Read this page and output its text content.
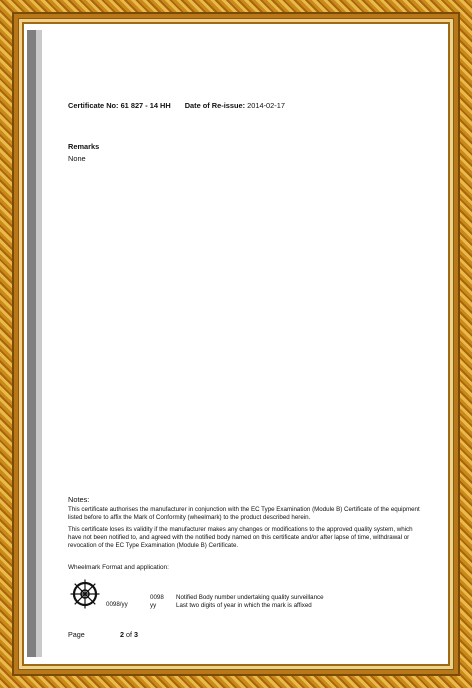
Certificate No: 61 827 - 14 HH Date of Re-issue: 2014-02-17
Remarks
None
Notes:
This certificate authorises the manufacturer in conjunction with the EC Type Examination (Module B) Certificate of the equipment listed before to affix the Mark of Conformity (wheelmark) to the product described herein.
This certificate loses its validity if the manufacturer makes any changes or modifications to the approved quality system, which have not been notified to, and agreed with the notified body named on this certificate and/or after lapse of time, withdrawal or revocation of the EC Type Examination (Module B) Certificate.
Wheelmark Format and application:
0098/yy
0098 Notified Body number undertaking quality surveillance
yy	Last two digits of year in which the mark is affixed
Page	2 of 3
